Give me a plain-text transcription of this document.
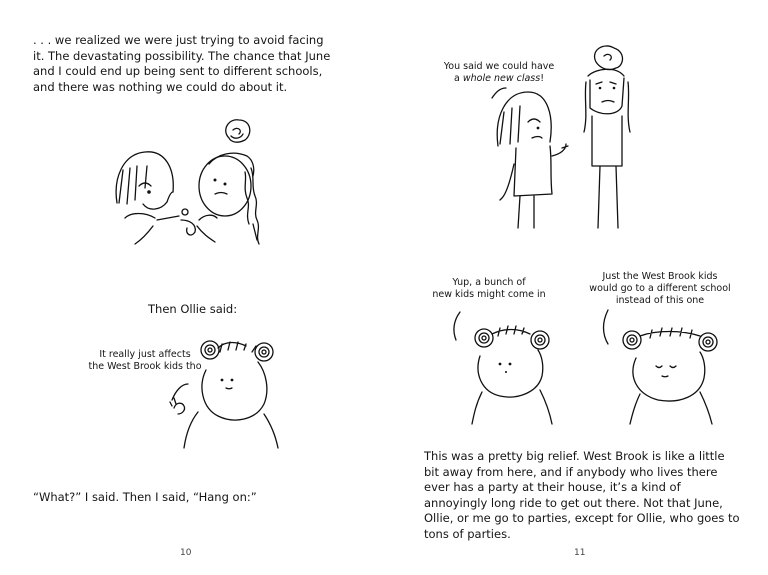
. . . we realized we were just trying to avoid facing it. The devastating possibility. The chance that June and I could end up being sent to different schools, and there was nothing we could do about it.
Then Ollie said:
It really just affects
the West Brook kids tho
“What?” I said. Then I said, “Hang on:”
10
You said we could have
a whole new class!
Yup, a bunch of
new kids might come in
Just the West Brook kids
would go to a different school
instead of this one
This was a pretty big relief. West Brook is like a little bit away from here, and if anybody who lives there ever has a party at their house, it’s a kind of annoyingly long ride to get out there. Not that June, Ollie, or me go to parties, except for Ollie, who goes to tons of parties.
11
